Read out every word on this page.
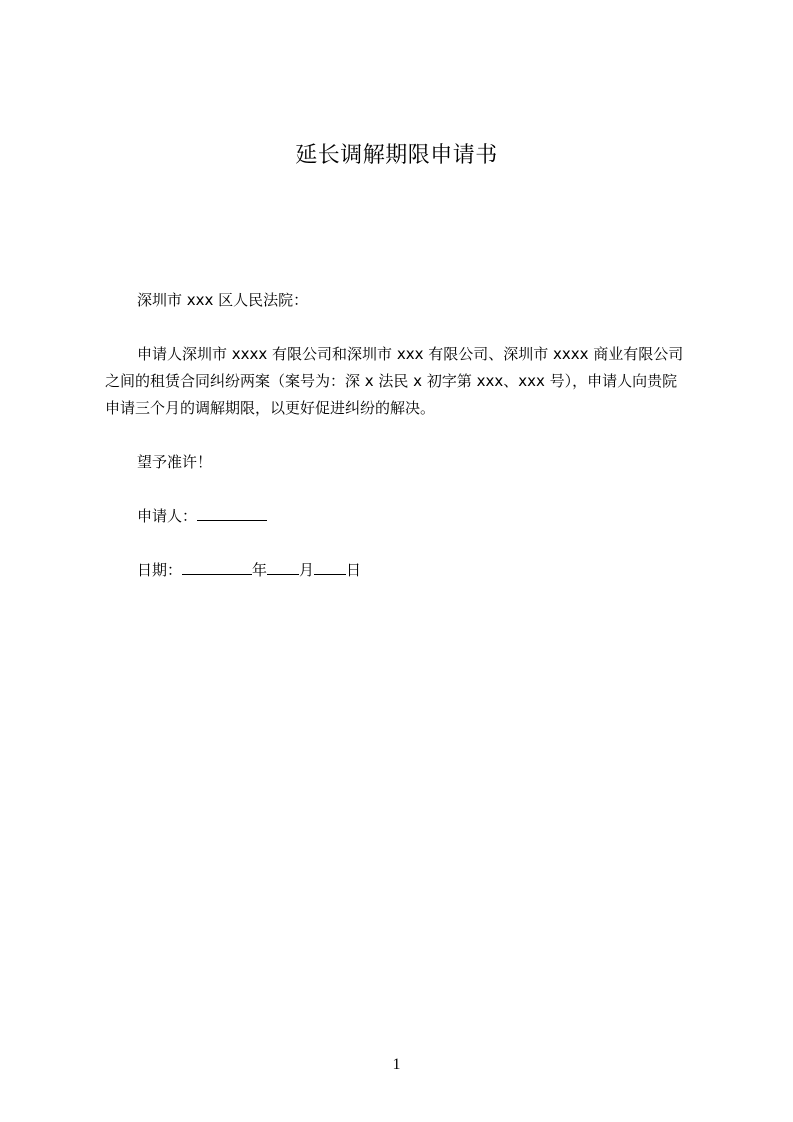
延长调解期限申请书
深圳市 xxx 区人民法院：
申请人深圳市 xxxx 有限公司和深圳市 xxx 有限公司、深圳市 xxxx 商业有限公司
之间的租赁合同纠纷两案（案号为：深 x 法民 x 初字第 xxx、xxx 号），申请人向贵院
申请三个月的调解期限，以更好促进纠纷的解决。
望予准许！
申请人：
日期：	年 月 日
1
